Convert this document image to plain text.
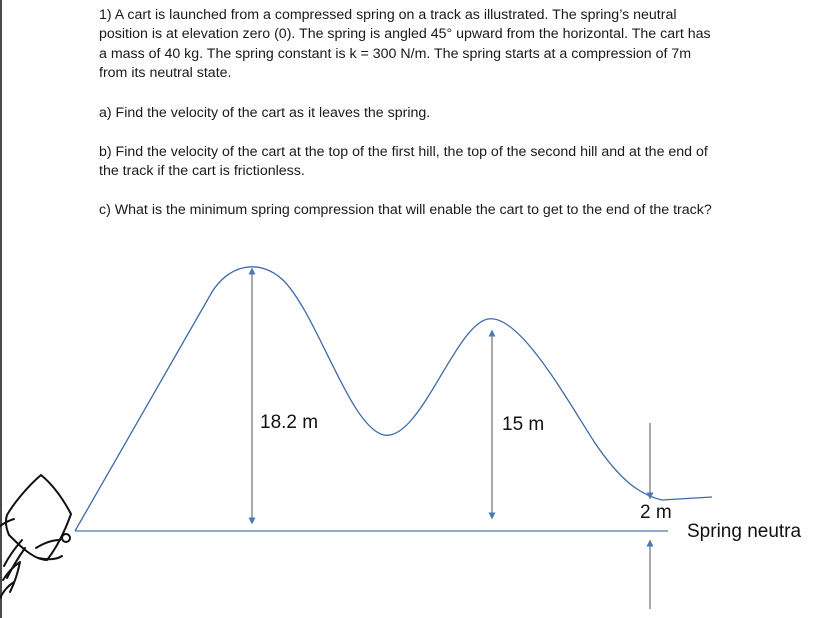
1) A cart is launched from a compressed spring on a track as illustrated. The spring’s neutral position is at elevation zero (0). The spring is angled 45° upward from the horizontal. The cart has a mass of 40 kg. The spring constant is k = 300 N/m. The spring starts at a compression of 7m from its neutral state.

a) Find the velocity of the cart as it leaves the spring.

b) Find the velocity of the cart at the top of the first hill, the top of the second hill and at the end of the track if the cart is frictionless.

c) What is the minimum spring compression that will enable the cart to get to the end of the track?

18.2 m	15 m
2 m
Spring neutra
